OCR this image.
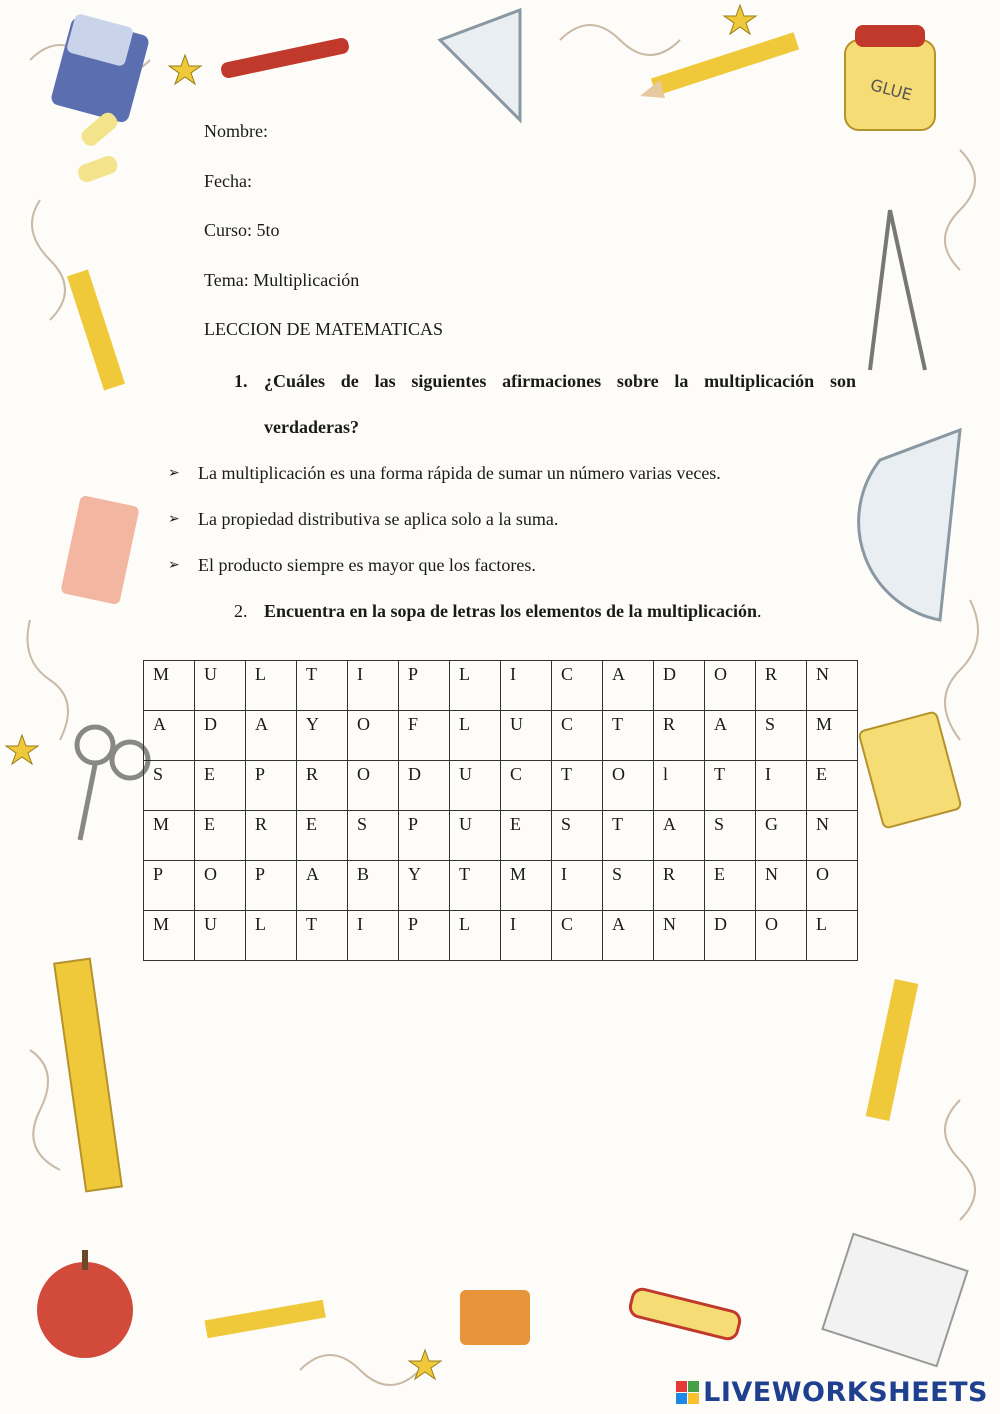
GLUE
Nombre:
Fecha:
Curso: 5to
Tema: Multiplicación
LECCION DE MATEMATICAS
1. ¿Cuáles de las siguientes afirmaciones sobre la multiplicación son
verdaderas?
➢	La multiplicación es una forma rápida de sumar un número varias veces.
➢	La propiedad distributiva se aplica solo a la suma.
➢	El producto siempre es mayor que los factores.
2. Encuentra en la sopa de letras los elementos de la multiplicación.
M	U	L	T	I	P	L	I	C	A	D	O	R	N
A	D	A	Y	O	F	L	U	C	T	R	A	S	M
S	E	P	R	O	D	U	C	T	O	l	T	I	E
M	E	R	E	S	P	U	E	S	T	A	S	G	N
P	O	P	A	B	Y	T	M	I	S	R	E	N	O
M	U	L	T	I	P	L	I	C	A	N	D	O	L
LIVEWORKSHEETS
